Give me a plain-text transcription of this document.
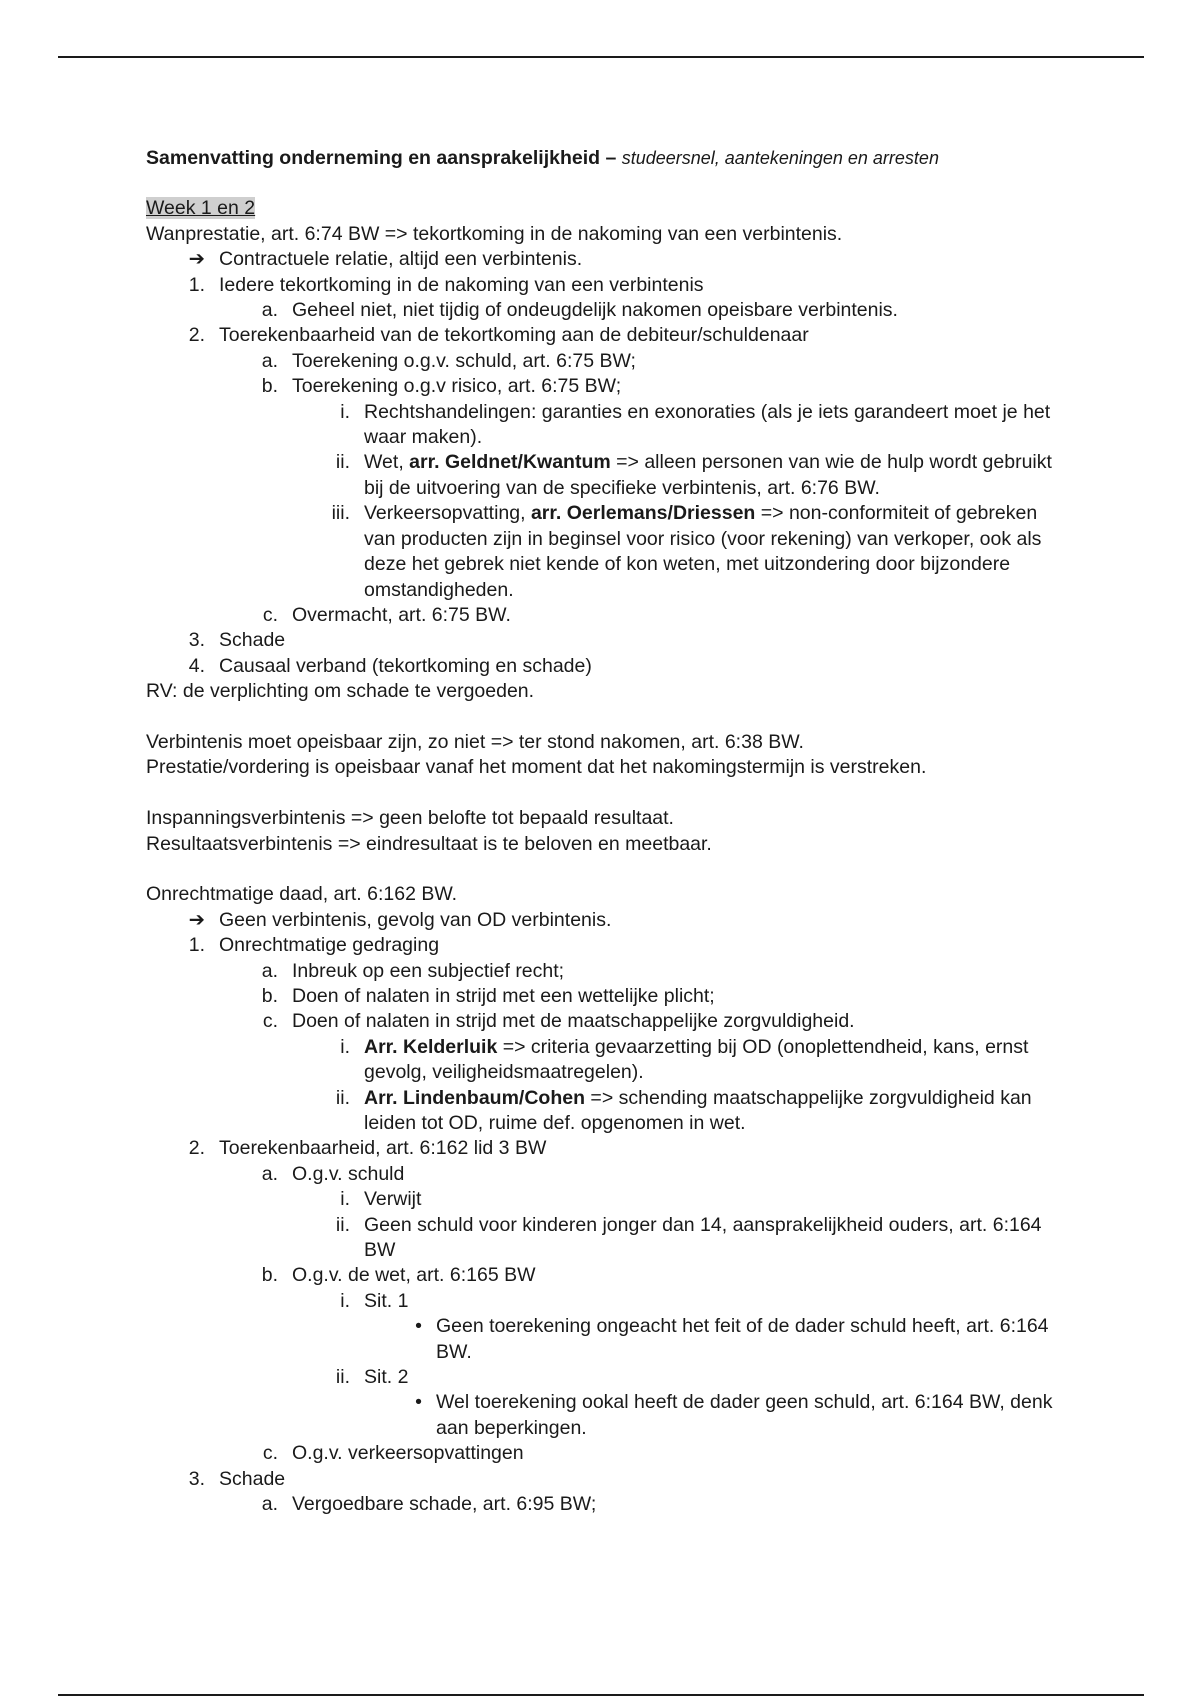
Samenvatting onderneming en aansprakelijkheid – studeersnel, aantekeningen en arresten
Week 1 en 2
Wanprestatie, art. 6:74 BW => tekortkoming in de nakoming van een verbintenis.
➔ Contractuele relatie, altijd een verbintenis.
1. Iedere tekortkoming in de nakoming van een verbintenis
a. Geheel niet, niet tijdig of ondeugdelijk nakomen opeisbare verbintenis.
2. Toerekenbaarheid van de tekortkoming aan de debiteur/schuldenaar
a. Toerekening o.g.v. schuld, art. 6:75 BW;
b. Toerekening o.g.v risico, art. 6:75 BW;
i. Rechtshandelingen: garanties en exonoraties (als je iets garandeert moet je het waar maken).
ii. Wet, arr. Geldnet/Kwantum => alleen personen van wie de hulp wordt gebruikt bij de uitvoering van de specifieke verbintenis, art. 6:76 BW.
iii. Verkeersopvatting, arr. Oerlemans/Driessen => non-conformiteit of gebreken van producten zijn in beginsel voor risico (voor rekening) van verkoper, ook als deze het gebrek niet kende of kon weten, met uitzondering door bijzondere omstandigheden.
c. Overmacht, art. 6:75 BW.
3. Schade
4. Causaal verband (tekortkoming en schade)
RV: de verplichting om schade te vergoeden.
Verbintenis moet opeisbaar zijn, zo niet => ter stond nakomen, art. 6:38 BW.
Prestatie/vordering is opeisbaar vanaf het moment dat het nakomingstermijn is verstreken.
Inspanningsverbintenis => geen belofte tot bepaald resultaat.
Resultaatsverbintenis => eindresultaat is te beloven en meetbaar.
Onrechtmatige daad, art. 6:162 BW.
➔ Geen verbintenis, gevolg van OD verbintenis.
1. Onrechtmatige gedraging
a. Inbreuk op een subjectief recht;
b. Doen of nalaten in strijd met een wettelijke plicht;
c. Doen of nalaten in strijd met de maatschappelijke zorgvuldigheid.
i. Arr. Kelderluik => criteria gevaarzetting bij OD (onoplettendheid, kans, ernst gevolg, veiligheidsmaatregelen).
ii. Arr. Lindenbaum/Cohen => schending maatschappelijke zorgvuldigheid kan leiden tot OD, ruime def. opgenomen in wet.
2. Toerekenbaarheid, art. 6:162 lid 3 BW
a. O.g.v. schuld
i. Verwijt
ii. Geen schuld voor kinderen jonger dan 14, aansprakelijkheid ouders, art. 6:164 BW
b. O.g.v. de wet, art. 6:165 BW
i. Sit. 1
• Geen toerekening ongeacht het feit of de dader schuld heeft, art. 6:164 BW.
ii. Sit. 2
• Wel toerekening ookal heeft de dader geen schuld, art. 6:164 BW, denk aan beperkingen.
c. O.g.v. verkeersopvattingen
3. Schade
a. Vergoedbare schade, art. 6:95 BW;
